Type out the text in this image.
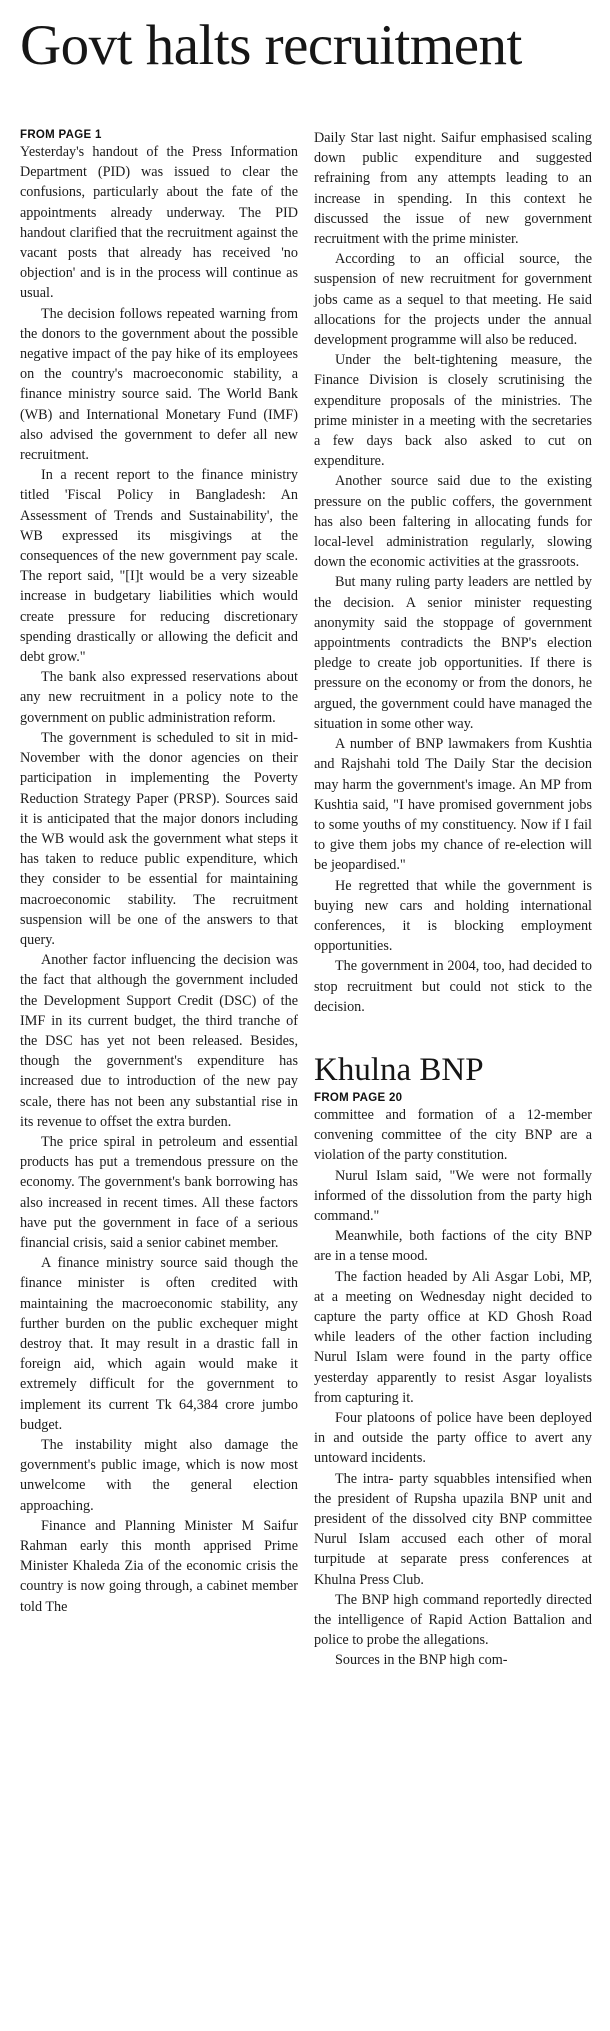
Govt halts recruitment
FROM PAGE 1

Yesterday's handout of the Press Information Department (PID) was issued to clear the confusions, particularly about the fate of the appointments already underway. The PID handout clarified that the recruitment against the vacant posts that already has received 'no objection' and is in the process will continue as usual.

The decision follows repeated warning from the donors to the government about the possible negative impact of the pay hike of its employees on the country's macroeconomic stability, a finance ministry source said. The World Bank (WB) and International Monetary Fund (IMF) also advised the government to defer all new recruitment.

In a recent report to the finance ministry titled 'Fiscal Policy in Bangladesh: An Assessment of Trends and Sustainability', the WB expressed its misgivings at the consequences of the new government pay scale. The report said, "[I]t would be a very sizeable increase in budgetary liabilities which would create pressure for reducing discretionary spending drastically or allowing the deficit and debt grow."

The bank also expressed reservations about any new recruitment in a policy note to the government on public administration reform.

The government is scheduled to sit in mid-November with the donor agencies on their participation in implementing the Poverty Reduction Strategy Paper (PRSP). Sources said it is anticipated that the major donors including the WB would ask the government what steps it has taken to reduce public expenditure, which they consider to be essential for maintaining macroeconomic stability. The recruitment suspension will be one of the answers to that query.

Another factor influencing the decision was the fact that although the government included the Development Support Credit (DSC) of the IMF in its current budget, the third tranche of the DSC has yet not been released. Besides, though the government's expenditure has increased due to introduction of the new pay scale, there has not been any substantial rise in its revenue to offset the extra burden.

The price spiral in petroleum and essential products has put a tremendous pressure on the economy. The government's bank borrowing has also increased in recent times. All these factors have put the government in face of a serious financial crisis, said a senior cabinet member.

A finance ministry source said though the finance minister is often credited with maintaining the macroeconomic stability, any further burden on the public exchequer might destroy that. It may result in a drastic fall in foreign aid, which again would make it extremely difficult for the government to implement its current Tk 64,384 crore jumbo budget.

The instability might also damage the government's public image, which is now most unwelcome with the general election approaching.

Finance and Planning Minister M Saifur Rahman early this month apprised Prime Minister Khaleda Zia of the economic crisis the country is now going through, a cabinet member told The

Daily Star last night. Saifur emphasised scaling down public expenditure and suggested refraining from any attempts leading to an increase in spending. In this context he discussed the issue of new government recruitment with the prime minister.

According to an official source, the suspension of new recruitment for government jobs came as a sequel to that meeting. He said allocations for the projects under the annual development programme will also be reduced.

Under the belt-tightening measure, the Finance Division is closely scrutinising the expenditure proposals of the ministries. The prime minister in a meeting with the secretaries a few days back also asked to cut on expenditure.

Another source said due to the existing pressure on the public coffers, the government has also been faltering in allocating funds for local-level administration regularly, slowing down the economic activities at the grassroots.

But many ruling party leaders are nettled by the decision. A senior minister requesting anonymity said the stoppage of government appointments contradicts the BNP's election pledge to create job opportunities. If there is pressure on the economy or from the donors, he argued, the government could have managed the situation in some other way.

A number of BNP lawmakers from Kushtia and Rajshahi told The Daily Star the decision may harm the government's image. An MP from Kushtia said, "I have promised government jobs to some youths of my constituency. Now if I fail to give them jobs my chance of re-election will be jeopardised."

He regretted that while the government is buying new cars and holding international conferences, it is blocking employment opportunities.

The government in 2004, too, had decided to stop recruitment but could not stick to the decision.

Khulna BNP
FROM PAGE 20

committee and formation of a 12-member convening committee of the city BNP are a violation of the party constitution.

Nurul Islam said, "We were not formally informed of the dissolution from the party high command."

Meanwhile, both factions of the city BNP are in a tense mood.

The faction headed by Ali Asgar Lobi, MP, at a meeting on Wednesday night decided to capture the party office at KD Ghosh Road while leaders of the other faction including Nurul Islam were found in the party office yesterday apparently to resist Asgar loyalists from capturing it.

Four platoons of police have been deployed in and outside the party office to avert any untoward incidents.

The intra- party squabbles intensified when the president of Rupsha upazila BNP unit and president of the dissolved city BNP committee Nurul Islam accused each other of moral turpitude at separate press conferences at Khulna Press Club.

The BNP high command reportedly directed the intelligence of Rapid Action Battalion and police to probe the allegations.

Sources in the BNP high com-
